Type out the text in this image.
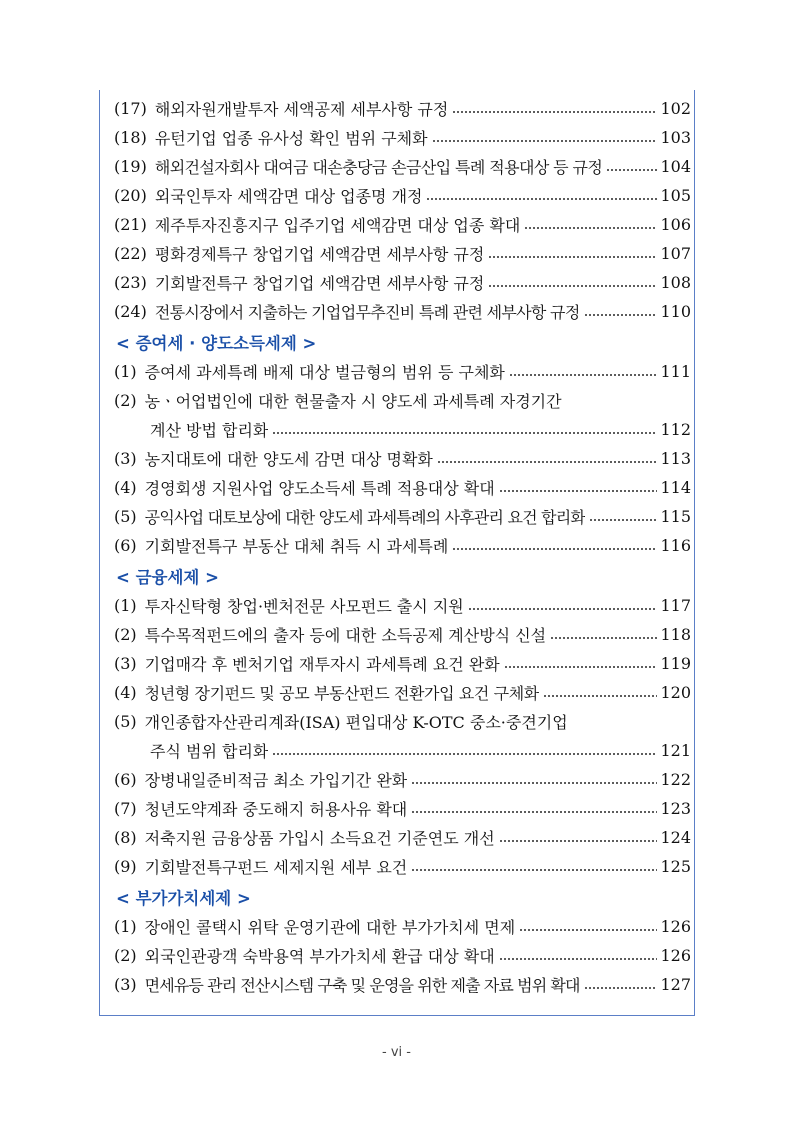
(17) 해외자원개발투자 세액공제 세부사항 규정	102
(18) 유턴기업 업종 유사성 확인 범위 구체화	103
(19) 해외건설자회사 대여금 대손충당금 손금산입 특례 적용대상 등 규정	104
(20) 외국인투자 세액감면 대상 업종명 개정	105
(21) 제주투자진흥지구 입주기업 세액감면 대상 업종 확대	106
(22) 평화경제특구 창업기업 세액감면 세부사항 규정	107
(23) 기회발전특구 창업기업 세액감면 세부사항 규정	108
(24) 전통시장에서 지출하는 기업업무추진비 특례 관련 세부사항 규정	110
< 증여세 · 양도소득세제 >
(1) 증여세 과세특례 배제 대상 벌금형의 범위 등 구체화	111
(2) 농ㆍ어업법인에 대한 현물출자 시 양도세 과세특례 자경기간
계산 방법 합리화	112
(3) 농지대토에 대한 양도세 감면 대상 명확화	113
(4) 경영회생 지원사업 양도소득세 특례 적용대상 확대	114
(5) 공익사업 대토보상에 대한 양도세 과세특례의 사후관리 요건 합리화	115
(6) 기회발전특구 부동산 대체 취득 시 과세특례	116
< 금융세제 >
(1) 투자신탁형 창업·벤처전문 사모펀드 출시 지원	117
(2) 특수목적펀드에의 출자 등에 대한 소득공제 계산방식 신설	118
(3) 기업매각 후 벤처기업 재투자시 과세특례 요건 완화	119
(4) 청년형 장기펀드 및 공모 부동산펀드 전환가입 요건 구체화	120
(5) 개인종합자산관리계좌(ISA) 편입대상 K-OTC 중소·중견기업
주식 범위 합리화	121
(6) 장병내일준비적금 최소 가입기간 완화	122
(7) 청년도약계좌 중도해지 허용사유 확대	123
(8) 저축지원 금융상품 가입시 소득요건 기준연도 개선	124
(9) 기회발전특구펀드 세제지원 세부 요건	125
< 부가가치세제 >
(1) 장애인 콜택시 위탁 운영기관에 대한 부가가치세 면제	126
(2) 외국인관광객 숙박용역 부가가치세 환급 대상 확대	126
(3) 면세유등 관리 전산시스템 구축 및 운영을 위한 제출 자료 범위 확대	127
- vi -
